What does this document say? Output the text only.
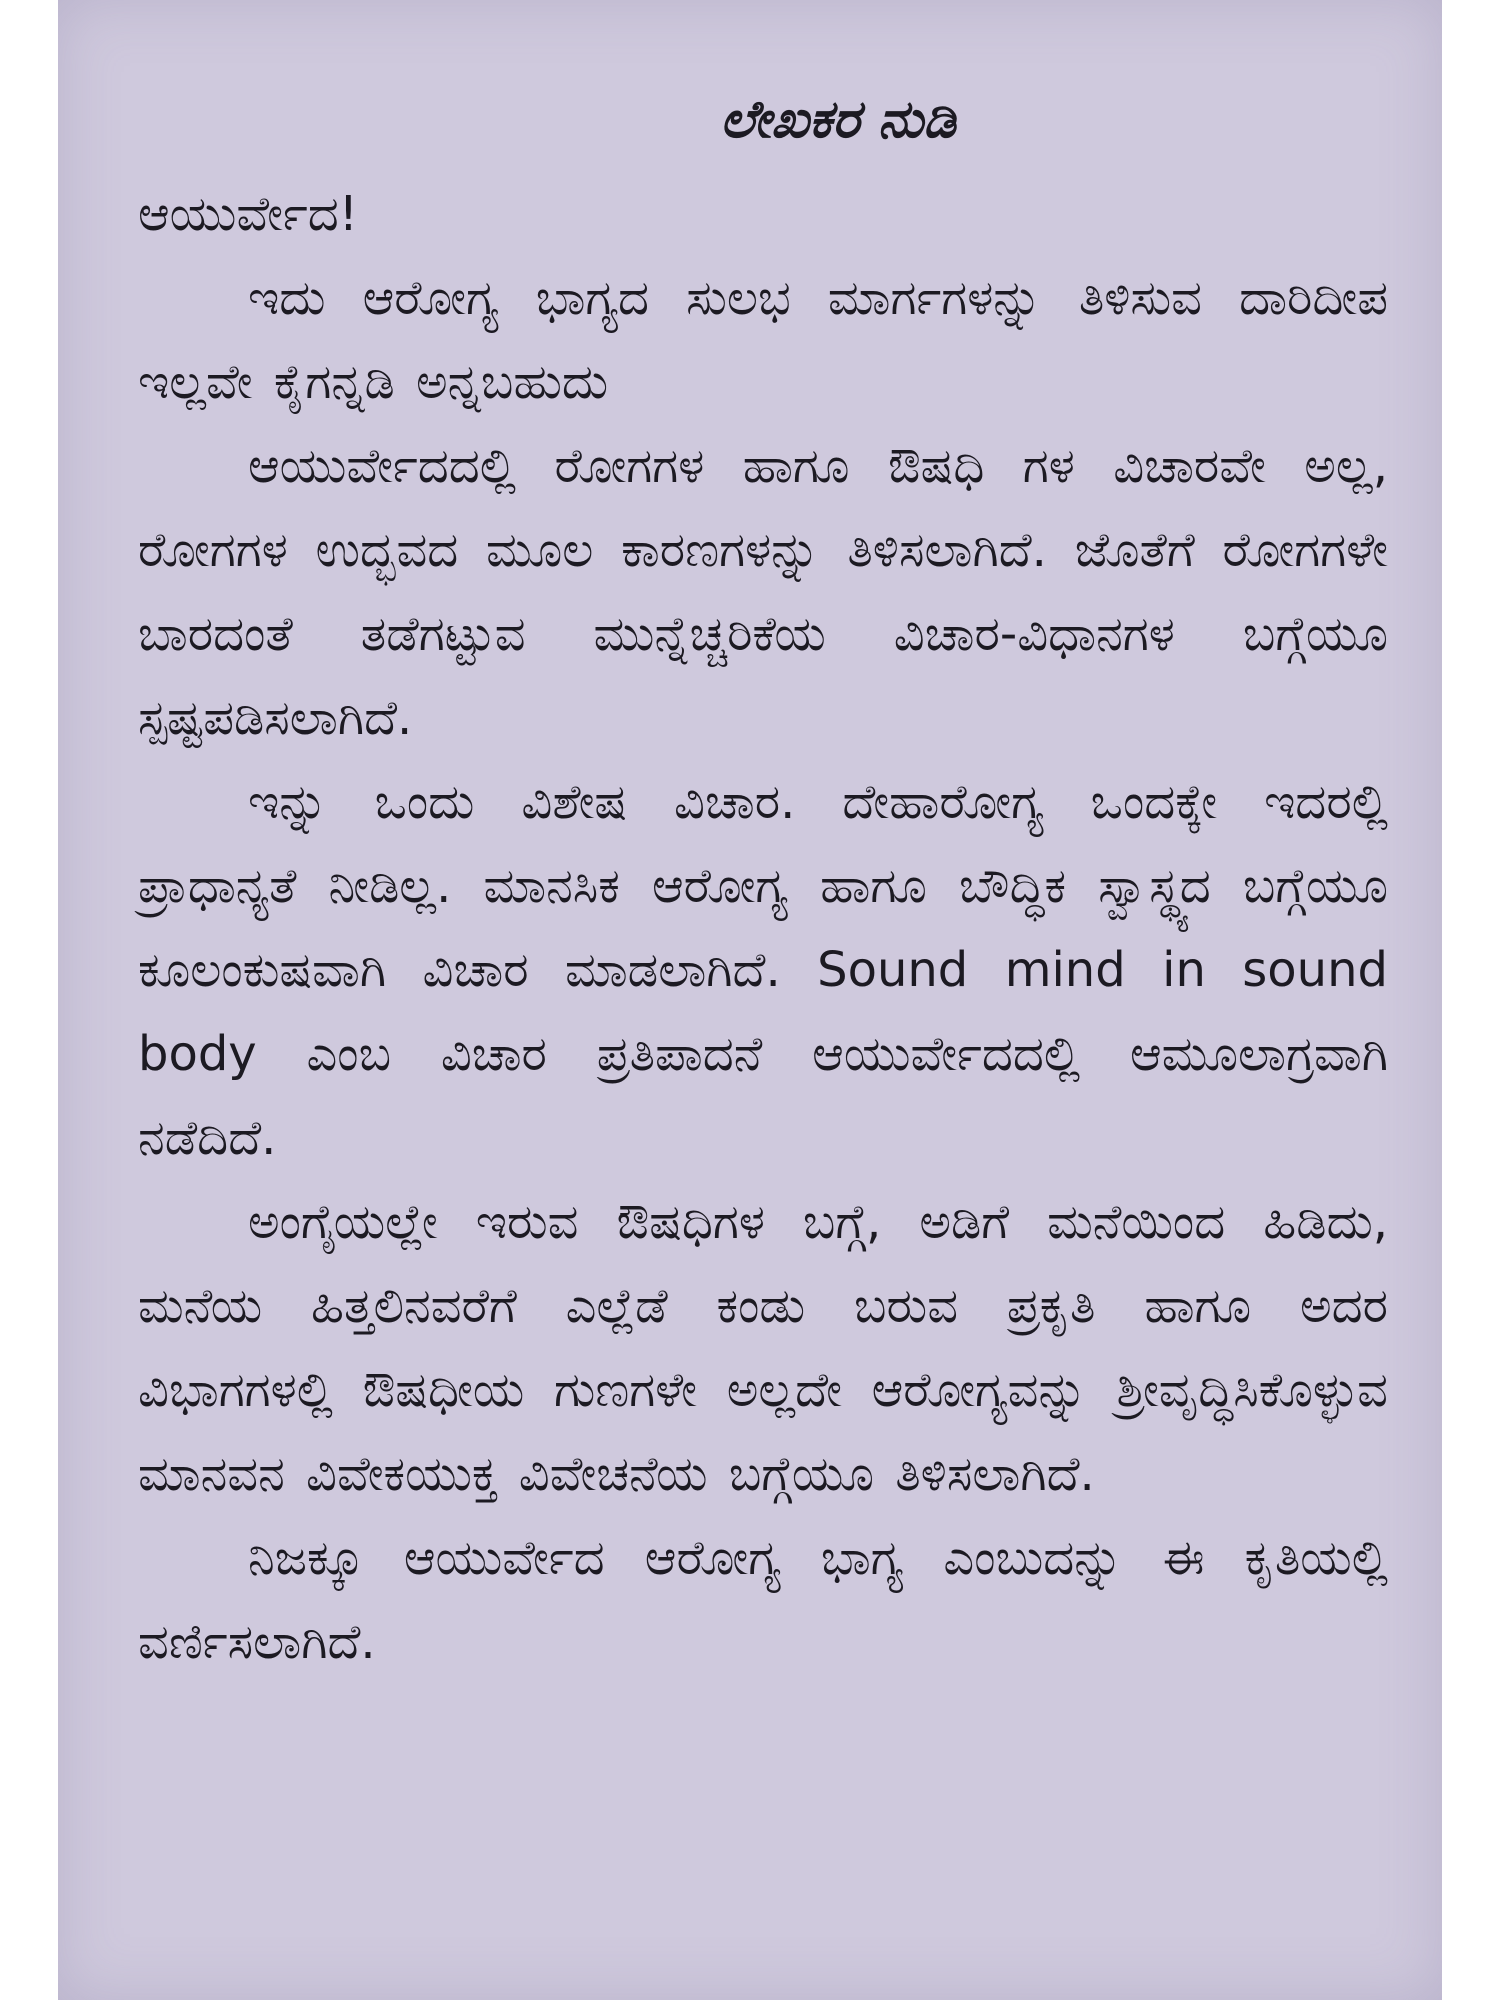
ಲೇಖಕರ ನುಡಿ

ಆಯುರ್ವೇದ!

ಇದು ಆರೋಗ್ಯ ಭಾಗ್ಯದ ಸುಲಭ ಮಾರ್ಗಗಳನ್ನು ತಿಳಿಸುವ ದಾರಿದೀಪ ಇಲ್ಲವೇ ಕೈಗನ್ನಡಿ ಅನ್ನಬಹುದು

ಆಯುರ್ವೇದದಲ್ಲಿ ರೋಗಗಳ ಹಾಗೂ ಔಷಧಿ ಗಳ ವಿಚಾರವೇ ಅಲ್ಲ, ರೋಗಗಳ ಉದ್ಭವದ ಮೂಲ ಕಾರಣಗಳನ್ನು ತಿಳಿಸಲಾಗಿದೆ. ಜೊತೆಗೆ ರೋಗಗಳೇ ಬಾರದಂತೆ ತಡೆಗಟ್ಟುವ ಮುನ್ನೆಚ್ಚರಿಕೆಯ ವಿಚಾರ-ವಿಧಾನಗಳ ಬಗ್ಗೆಯೂ ಸ್ಪಷ್ಟಪಡಿಸಲಾಗಿದೆ.

ಇನ್ನು ಒಂದು ವಿಶೇಷ ವಿಚಾರ. ದೇಹಾರೋಗ್ಯ ಒಂದಕ್ಕೇ ಇದರಲ್ಲಿ ಪ್ರಾಧಾನ್ಯತೆ ನೀಡಿಲ್ಲ. ಮಾನಸಿಕ ಆರೋಗ್ಯ ಹಾಗೂ ಬೌದ್ಧಿಕ ಸ್ವಾಸ್ಥ್ಯದ ಬಗ್ಗೆಯೂ ಕೂಲಂಕುಷವಾಗಿ ವಿಚಾರ ಮಾಡಲಾಗಿದೆ. Sound mind in sound body ಎಂಬ ವಿಚಾರ ಪ್ರತಿಪಾದನೆ ಆಯುರ್ವೇದದಲ್ಲಿ ಆಮೂಲಾಗ್ರವಾಗಿ ನಡೆದಿದೆ.

ಅಂಗೈಯಲ್ಲೇ ಇರುವ ಔಷಧಿಗಳ ಬಗ್ಗೆ, ಅಡಿಗೆ ಮನೆಯಿಂದ ಹಿಡಿದು, ಮನೆಯ ಹಿತ್ತಲಿನವರೆಗೆ ಎಲ್ಲೆಡೆ ಕಂಡು ಬರುವ ಪ್ರಕೃತಿ ಹಾಗೂ ಅದರ ವಿಭಾಗಗಳಲ್ಲಿ ಔಷಧೀಯ ಗುಣಗಳೇ ಅಲ್ಲದೇ ಆರೋಗ್ಯವನ್ನು ಶ್ರೀವೃದ್ಧಿಸಿಕೊಳ್ಳುವ ಮಾನವನ ವಿವೇಕಯುಕ್ತ ವಿವೇಚನೆಯ ಬಗ್ಗೆಯೂ ತಿಳಿಸಲಾಗಿದೆ.

ನಿಜಕ್ಕೂ ಆಯುರ್ವೇದ ಆರೋಗ್ಯ ಭಾಗ್ಯ ಎಂಬುದನ್ನು ಈ ಕೃತಿಯಲ್ಲಿ ವರ್ಣಿಸಲಾಗಿದೆ.
